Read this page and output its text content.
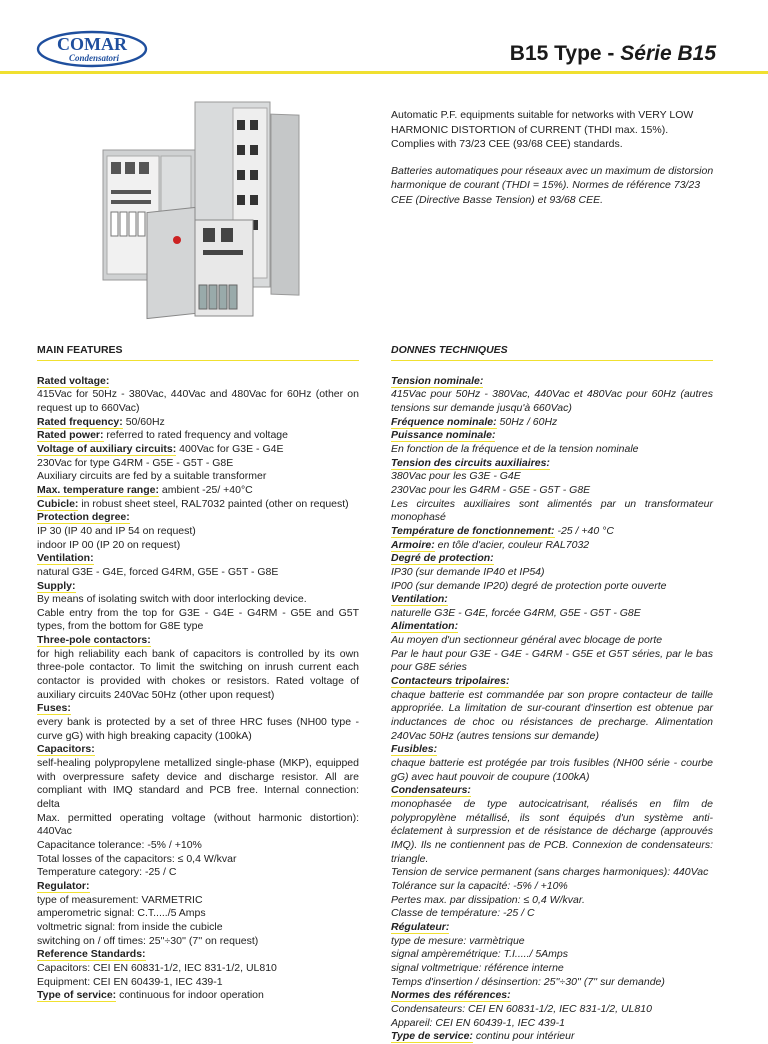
COMAR
Condensatori	B15 Type - Série B15

Automatic P.F. equipments suitable for networks with VERY LOW HARMONIC DISTORTION of CURRENT (THDI max. 15%). Complies with 73/23 CEE (93/68 CEE) standards.

Batteries automatiques pour réseaux avec un maximum de distorsion harmonique de courant (THDI = 15%). Normes de référence 73/23 CEE (Directive Basse Tension) et 93/68 CEE.

MAIN FEATURES
Rated voltage:
415Vac for 50Hz - 380Vac, 440Vac and 480Vac for 60Hz (other on request up to 660Vac)
Rated frequency: 50/60Hz
Rated power: referred to rated frequency and voltage
Voltage of auxiliary circuits: 400Vac for G3E - G4E
230Vac for type G4RM - G5E - G5T - G8E
Auxiliary circuits are fed by a suitable transformer
Max. temperature range: ambient -25/ +40°C
Cubicle: in robust sheet steel, RAL7032 painted (other on request)
Protection degree:
IP 30 (IP 40 and IP 54 on request)
indoor IP 00 (IP 20 on request)
Ventilation:
natural G3E - G4E, forced G4RM, G5E - G5T - G8E
Supply:
By means of isolating switch with door interlocking device.
Cable entry from the top for G3E - G4E - G4RM - G5E and G5T types, from the bottom for G8E type
Three-pole contactors:
for high reliability each bank of capacitors is controlled by its own three-pole contactor. To limit the switching on inrush current each contactor is provided with chokes or resistors. Rated voltage of auxiliary circuits 240Vac 50Hz (other upon request)
Fuses:
every bank is protected by a set of three HRC fuses (NH00 type - curve gG) with high breaking capacity (100kA)
Capacitors:
self-healing polypropylene metallized single-phase (MKP), equipped with overpressure safety device and discharge resistor. All are compliant with IMQ standard and PCB free. Internal connection: delta
Max. permitted operating voltage (without harmonic distortion): 440Vac
Capacitance tolerance: -5% / +10%
Total losses of the capacitors: ≤ 0,4 W/kvar
Temperature category: -25 / C
Regulator:
type of measurement: VARMETRIC
amperometric signal: C.T...../5 Amps
voltmetric signal: from inside the cubicle
switching on / off times: 25''÷30'' (7'' on request)
Reference Standards:
Capacitors: CEI EN 60831-1/2, IEC 831-1/2, UL810
Equipment: CEI EN 60439-1, IEC 439-1
Type of service: continuous for indoor operation
DONNES TECHNIQUES
Tension nominale:
415Vac pour 50Hz - 380Vac, 440Vac et 480Vac pour 60Hz (autres tensions sur demande jusqu'à 660Vac)
Fréquence nominale: 50Hz / 60Hz
Puissance nominale:
En fonction de la fréquence et de la tension nominale
Tension des circuits auxiliaires:
380Vac pour les G3E - G4E
230Vac pour les G4RM - G5E - G5T - G8E
Les circuites auxiliaires sont alimentés par un transformateur monophasé
Température de fonctionnement: -25 / +40 °C
Armoire: en tôle d'acier, couleur RAL7032
Degré de protection:
IP30 (sur demande IP40 et IP54)
IP00 (sur demande IP20) degré de protection porte ouverte
Ventilation:
naturelle G3E - G4E, forcée G4RM, G5E - G5T - G8E
Alimentation:
Au moyen d'un sectionneur général avec blocage de porte
Par le haut pour G3E - G4E - G4RM - G5E et G5T séries, par le bas pour G8E séries
Contacteurs tripolaires:
chaque batterie est commandée par son propre contacteur de taille appropriée. La limitation de sur-courant d'insertion est obtenue par inductances de choc ou résistances de precharge. Alimentation 240Vac 50Hz (autres tensions sur demande)
Fusibles:
chaque batterie est protégée par trois fusibles (NH00 série - courbe gG) avec haut pouvoir de coupure (100kA)
Condensateurs:
monophasée de type autocicatrisant, réalisés en film de polypropylène métallisé, ils sont équipés d'un système anti-éclatement à surpression et de résistance de décharge (approuvés IMQ). Ils ne contiennent pas de PCB. Connexion de condensateurs: triangle.
Tension de service permanent (sans charges harmoniques): 440Vac
Tolérance sur la capacité: -5% / +10%
Pertes max. par dissipation: ≤ 0,4 W/kvar.
Classe de température: -25 / C
Régulateur:
type de mesure: varmètrique
signal ampèremétrique: T.I...../ 5Amps
signal voltmetrique: référence interne
Temps d'insertion / désinsertion: 25''÷30'' (7'' sur demande)
Normes des références:
Condensateurs: CEI EN 60831-1/2, IEC 831-1/2, UL810
Appareil: CEI EN 60439-1, IEC 439-1
Type de service: continu pour intérieur
